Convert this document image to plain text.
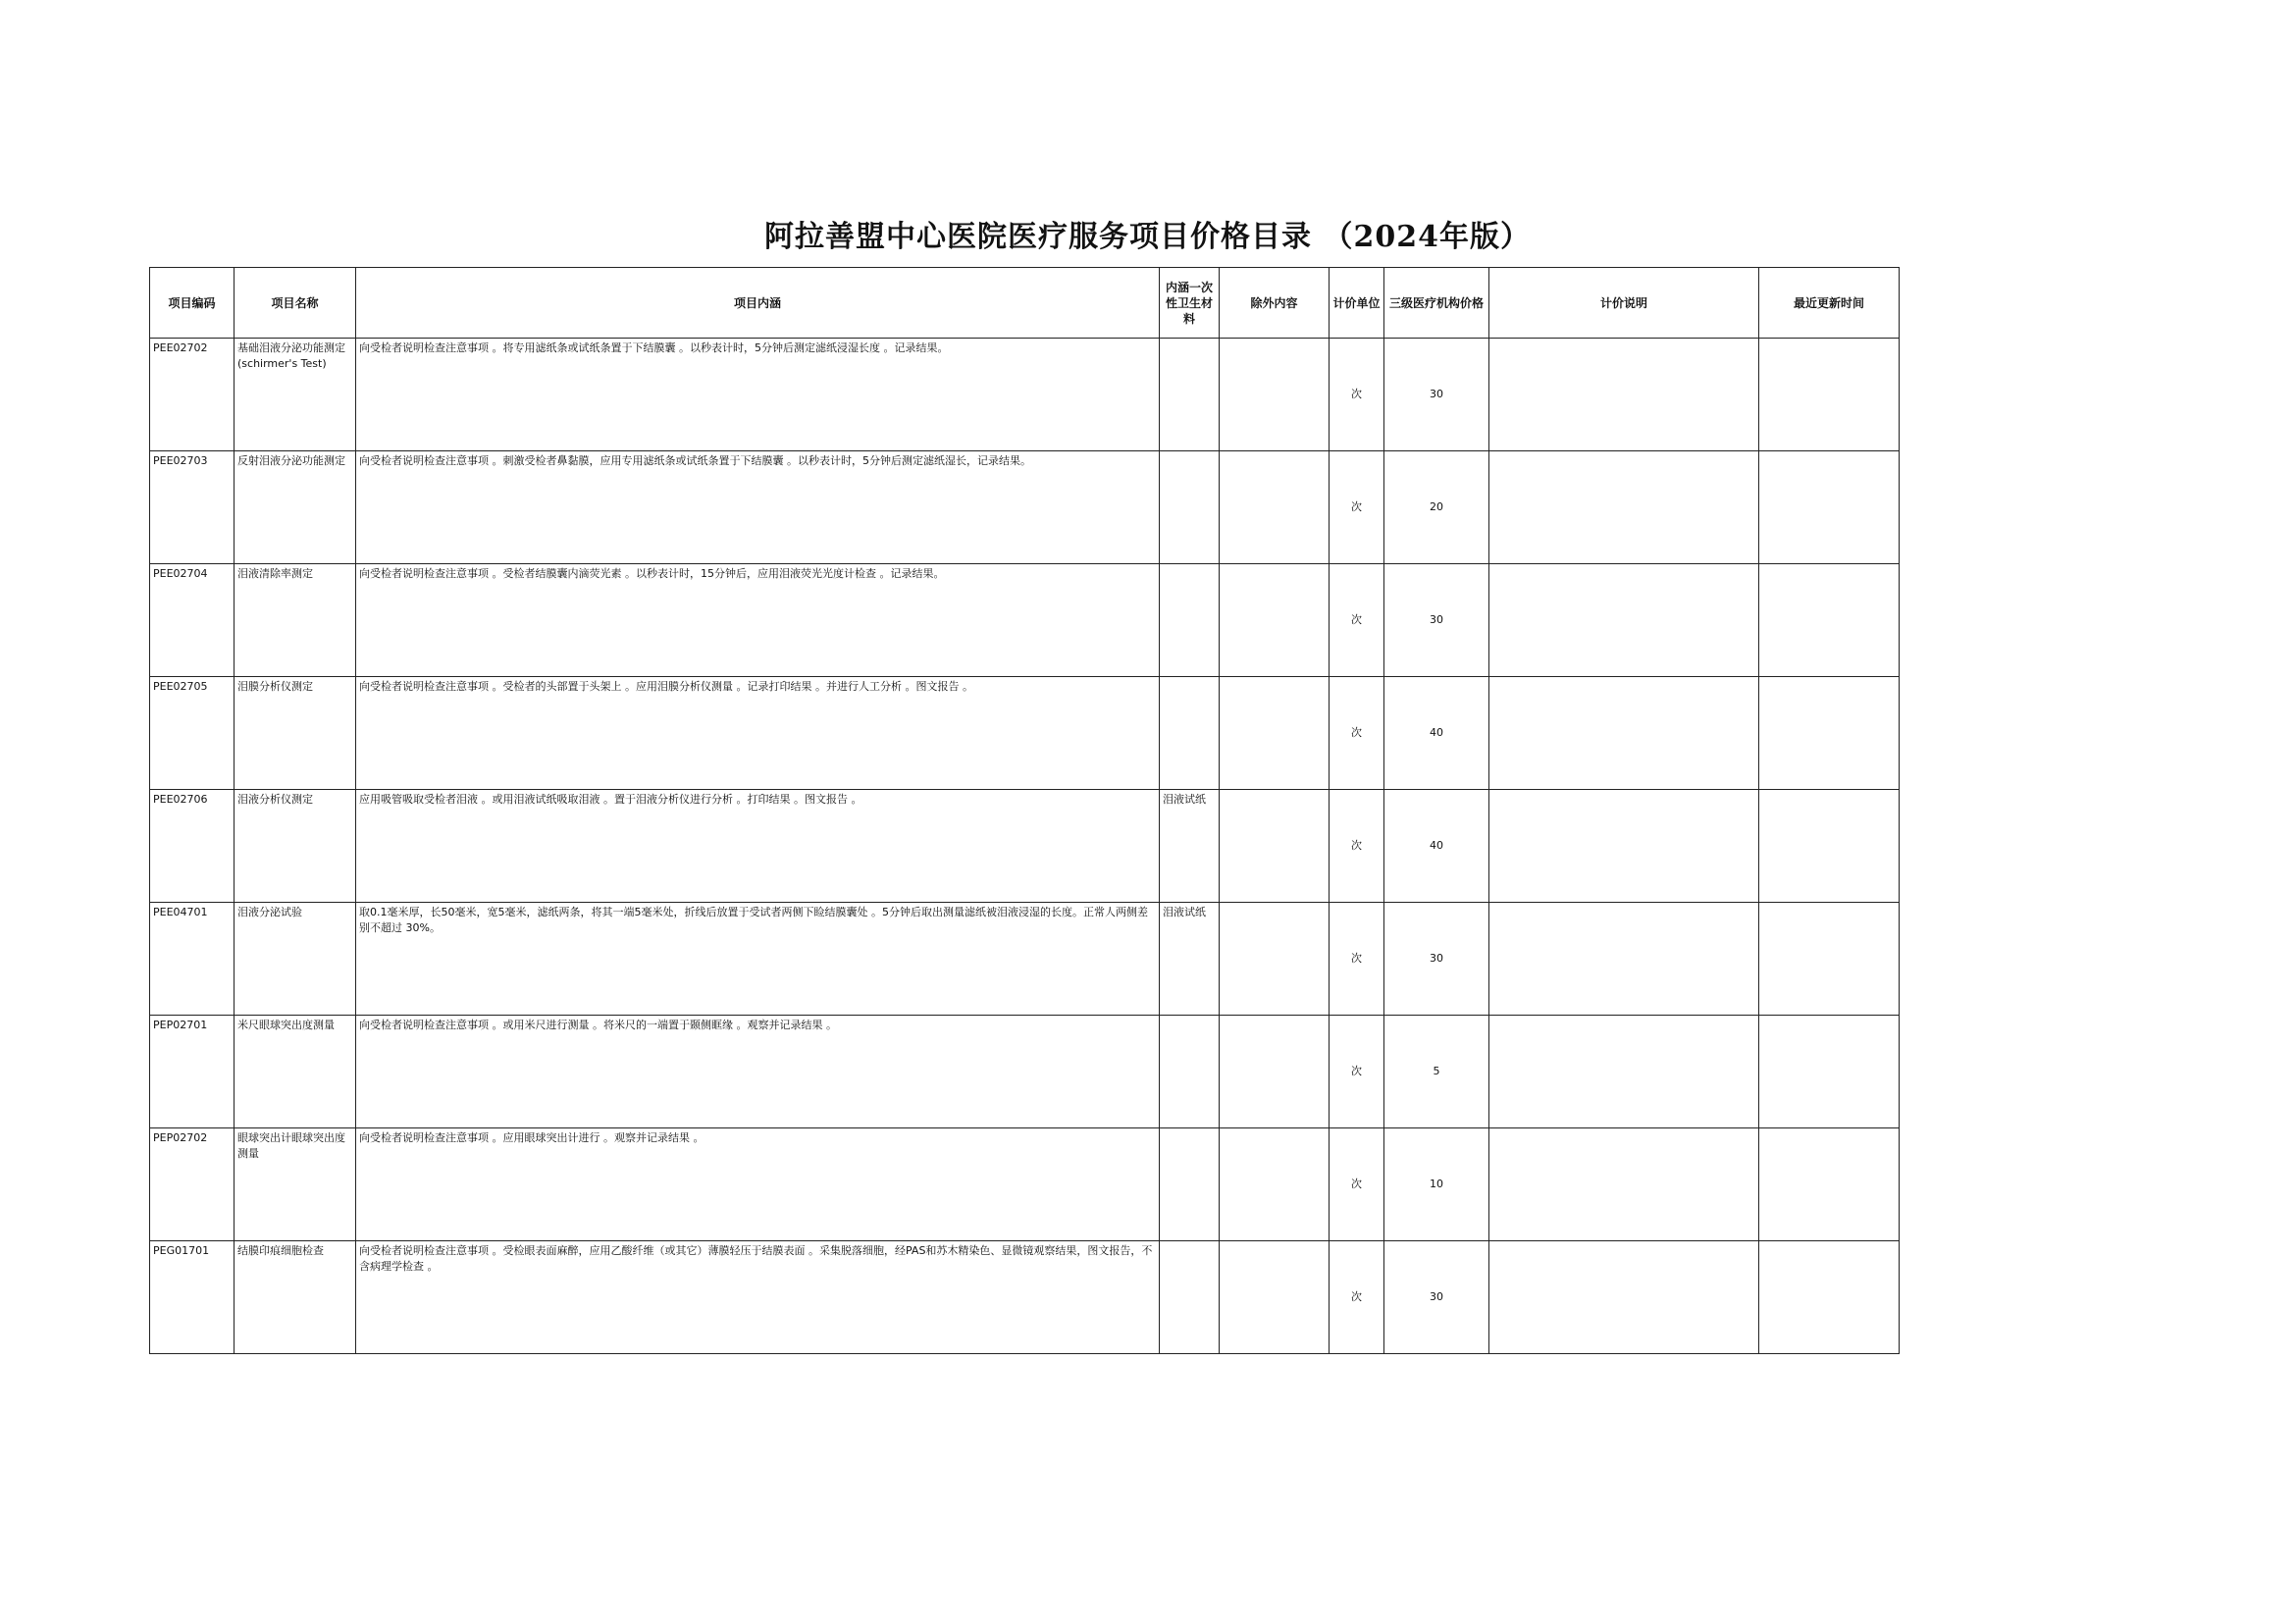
阿拉善盟中心医院医疗服务项目价格目录 （2024年版）
项目编码	项目名称	项目内涵	内涵一次性卫生材料	除外内容	计价单位	三级医疗机构价格	计价说明	最近更新时间
PEE02702	基础泪液分泌功能测定(schirmer's Test)	向受检者说明检查注意事项 。将专用滤纸条或试纸条置于下结膜囊 。以秒表计时，5分钟后测定滤纸浸湿长度 。记录结果。			次	30		
PEE02703	反射泪液分泌功能测定	向受检者说明检查注意事项 。刺激受检者鼻黏膜，应用专用滤纸条或试纸条置于下结膜囊 。以秒表计时，5分钟后测定滤纸湿长，记录结果。			次	20		
PEE02704	泪液清除率测定	向受检者说明检查注意事项 。受检者结膜囊内滴荧光素 。以秒表计时，15分钟后，应用泪液荧光光度计检查 。记录结果。			次	30		
PEE02705	泪膜分析仪测定	向受检者说明检查注意事项 。受检者的头部置于头架上 。应用泪膜分析仪测量 。记录打印结果 。并进行人工分析 。图文报告 。			次	40		
PEE02706	泪液分析仪测定	应用吸管吸取受检者泪液 。或用泪液试纸吸取泪液 。置于泪液分析仪进行分析 。打印结果 。图文报告 。	泪液试纸		次	40		
PEE04701	泪液分泌试验	取0.1毫米厚，长50毫米，宽5毫米，滤纸两条，将其一端5毫米处，折线后放置于受试者两侧下睑结膜囊处 。5分钟后取出测量滤纸被泪液浸湿的长度。正常人两侧差别不超过 30%。	泪液试纸		次	30		
PEP02701	米尺眼球突出度测量	向受检者说明检查注意事项 。或用米尺进行测量 。将米尺的一端置于颞侧眶缘 。观察并记录结果 。			次	5		
PEP02702	眼球突出计眼球突出度测量	向受检者说明检查注意事项 。应用眼球突出计进行 。观察并记录结果 。			次	10		
PEG01701	结膜印痕细胞检查	向受检者说明检查注意事项 。受检眼表面麻醉，应用乙酸纤维（或其它）薄膜轻压于结膜表面 。采集脱落细胞，经PAS和苏木精染色、显微镜观察结果，图文报告，不含病理学检查 。			次	30		
